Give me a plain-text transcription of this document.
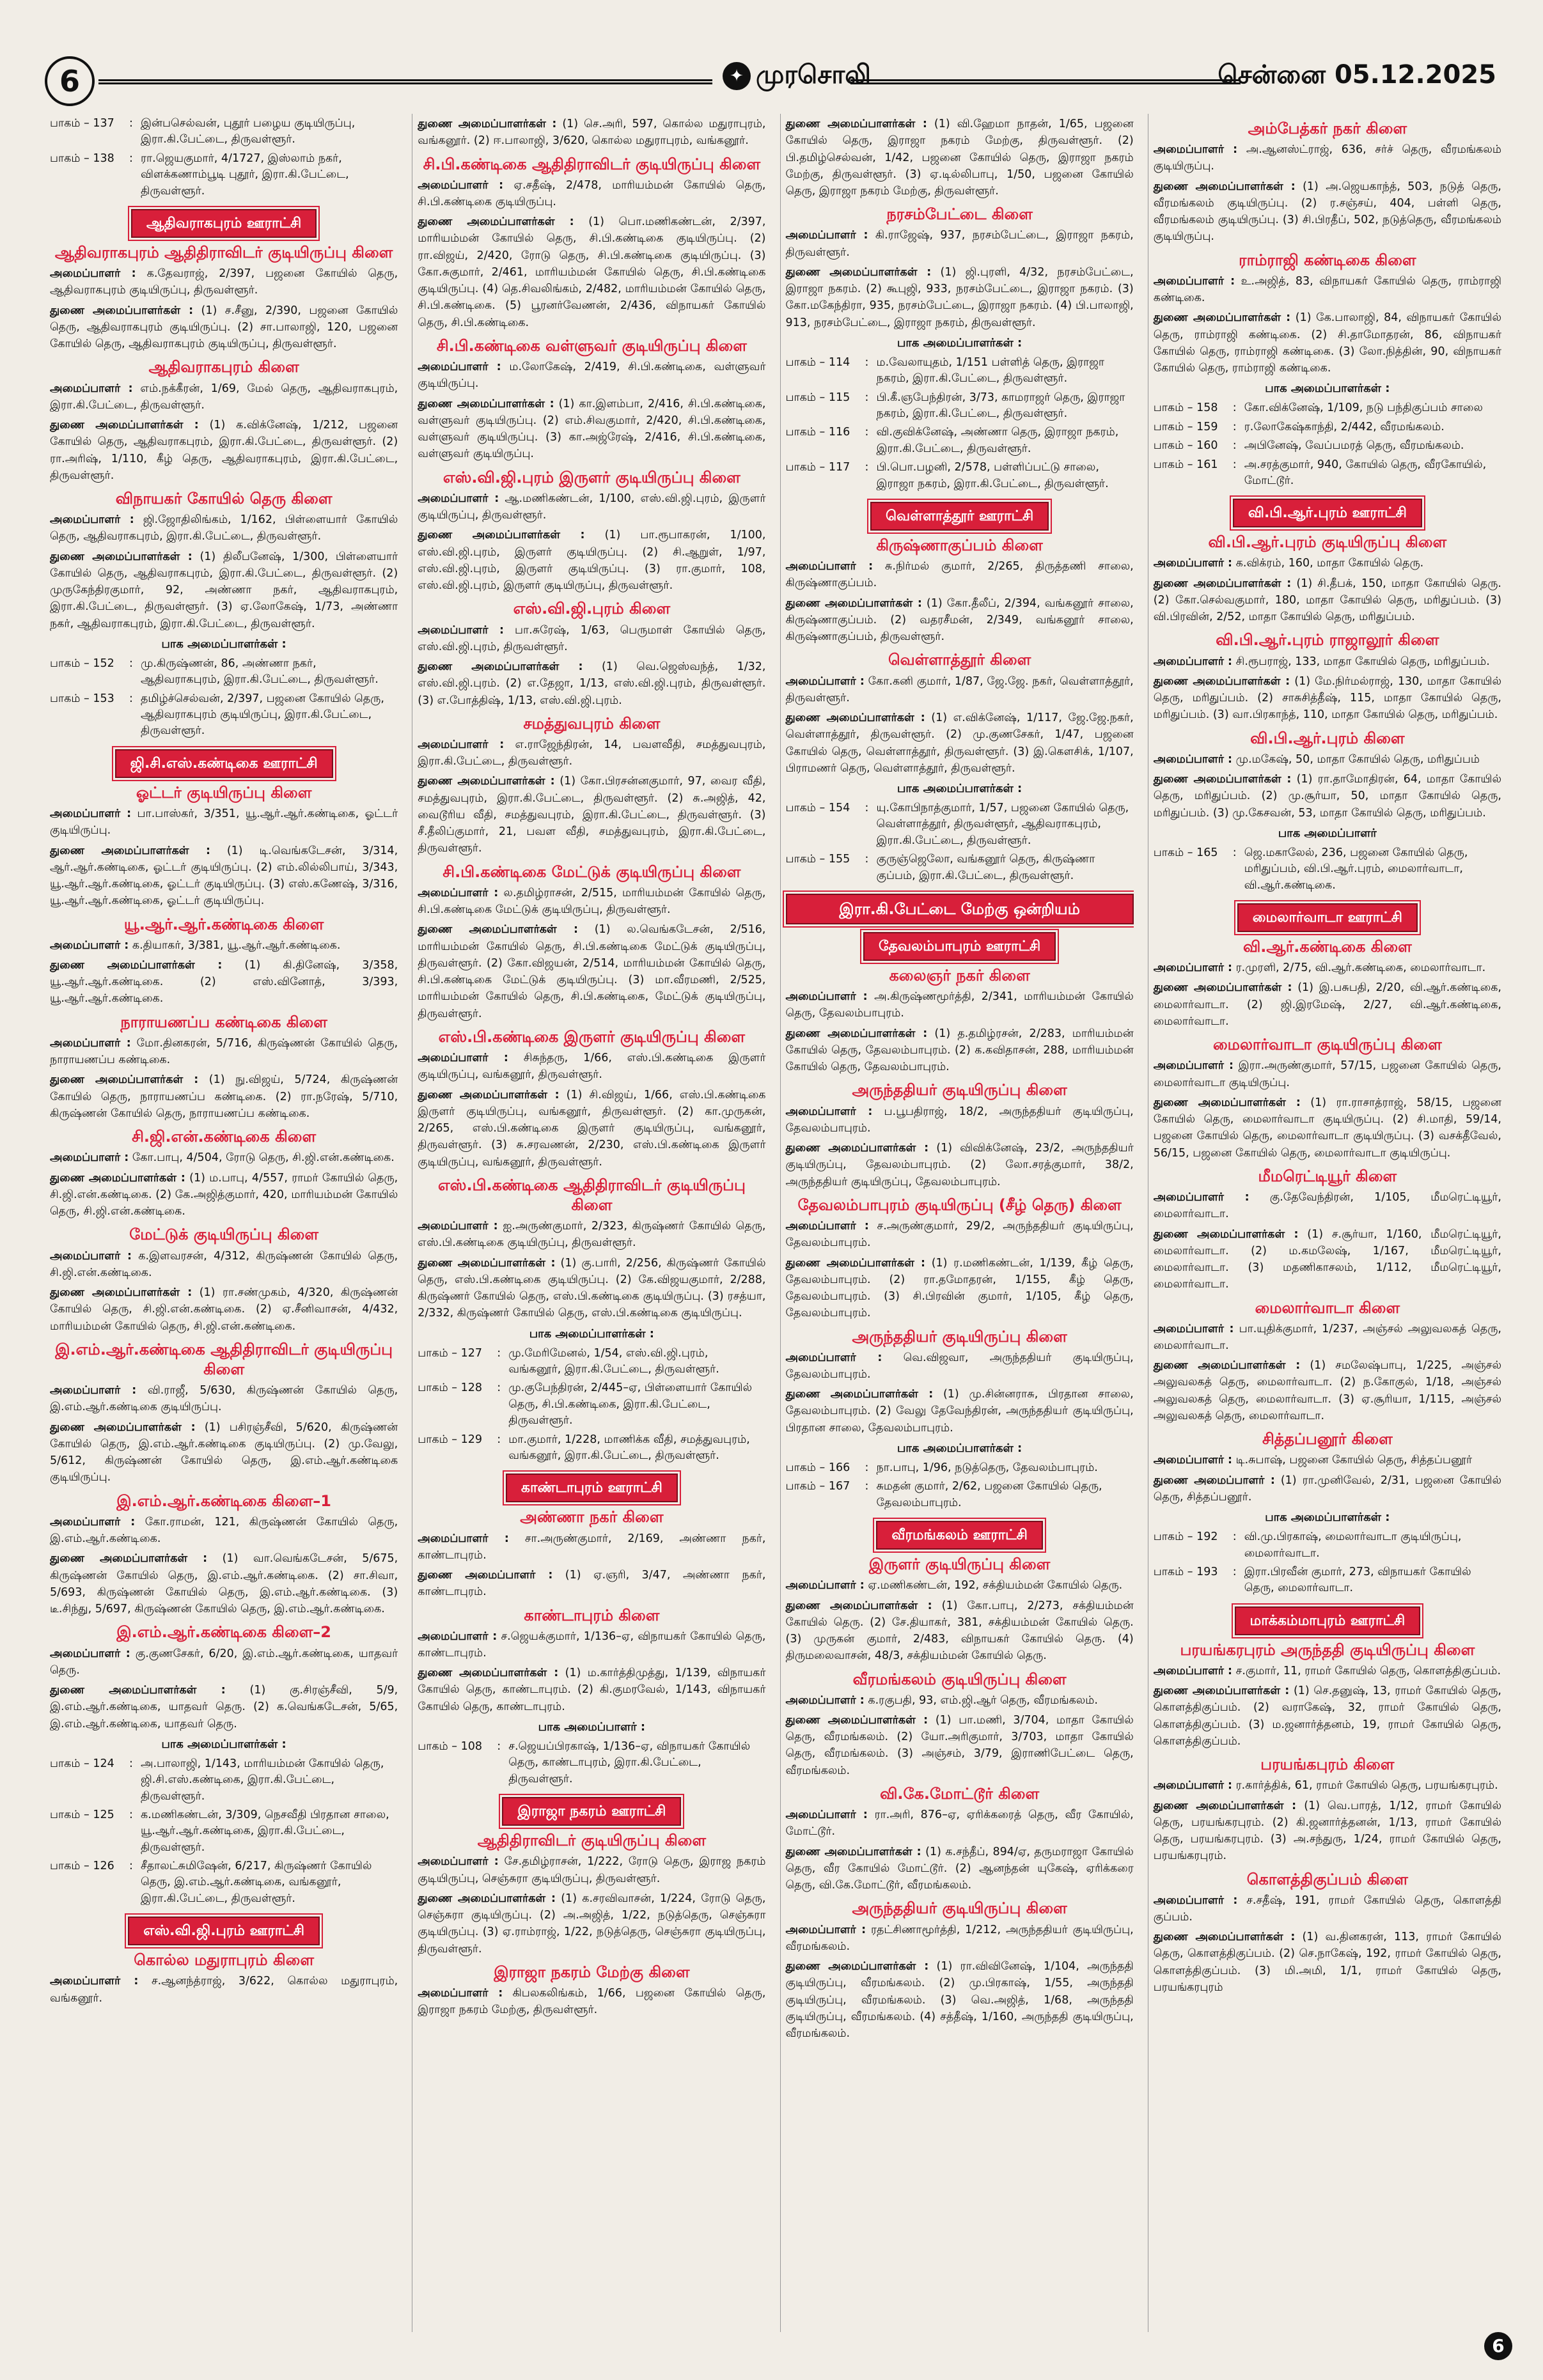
6	✦ முரசொலி	சென்னை 05.12.2025
பாகம் – 137	:	இன்பசெல்வன், புதூர் பழைய குடியிருப்பு, இரா.கி.பேட்டை, திருவள்ளூர்.
பாகம் – 138	:	ரா.ஜெயகுமார், 4/1727, இஸ்லாம் நகர், விளக்கணாம்பூடி புதூர், இரா.கி.பேட்டை, திருவள்ளூர்.
ஆதிவராகபுரம் ஊராட்சி
ஆதிவராகபுரம் ஆதிதிராவிடர் குடியிருப்பு கிளை

அமைப்பாளர் : க.தேவராஜ், 2/397, பஜனை கோயில் தெரு, ஆதிவராகபுரம் குடியிருப்பு, திருவள்ளூர்.

துணை அமைப்பாளர்கள் : (1) ச.சீனு, 2/390, பஜனை கோயில் தெரு, ஆதிவராகபுரம் குடியிருப்பு. (2) சா.பாலாஜி, 120, பஜனை கோயில் தெரு, ஆதிவராகபுரம் குடியிருப்பு, திருவள்ளூர்.

ஆதிவராகபுரம் கிளை

அமைப்பாளர் : எம்.நக்கீரன், 1/69, மேல் தெரு, ஆதிவராகபுரம், இரா.கி.பேட்டை, திருவள்ளூர்.

துணை அமைப்பாளர்கள் : (1) க.விக்னேஷ், 1/212, பஜனை கோயில் தெரு, ஆதிவராகபுரம், இரா.கி.பேட்டை, திருவள்ளூர். (2) ரா.அரிஷ், 1/110, கீழ் தெரு, ஆதிவராகபுரம், இரா.கி.பேட்டை, திருவள்ளூர்.

விநாயகர் கோயில் தெரு கிளை

அமைப்பாளர் : ஜி.ஜோதிலிங்கம், 1/162, பிள்ளையார் கோயில் தெரு, ஆதிவராகபுரம், இரா.கி.பேட்டை, திருவள்ளூர்.

துணை அமைப்பாளர்கள் : (1) திலீபனேஷ், 1/300, பிள்ளையார் கோயில் தெரு, ஆதிவராகபுரம், இரா.கி.பேட்டை, திருவள்ளூர். (2) முருகேந்திரகுமார், 92, அண்ணா நகர், ஆதிவராகபுரம், இரா.கி.பேட்டை, திருவள்ளூர். (3) ஏ.லோகேஷ், 1/73, அண்ணா நகர், ஆதிவராகபுரம், இரா.கி.பேட்டை, திருவள்ளூர்.

பாக அமைப்பாளர்கள் :
பாகம் – 152	:	மு.கிருஷ்ணன், 86, அண்ணா நகர், ஆதிவராகபுரம், இரா.கி.பேட்டை, திருவள்ளூர்.
பாகம் – 153	:	தமிழ்ச்செல்வன், 2/397, பஜனை கோயில் தெரு, ஆதிவராகபுரம் குடியிருப்பு, இரா.கி.பேட்டை, திருவள்ளூர்.
ஜி.சி.எஸ்.கண்டிகை ஊராட்சி
ஓட்டர் குடியிருப்பு கிளை

அமைப்பாளர் : பா.பாஸ்கர், 3/351, யூ.ஆர்.ஆர்.கண்டிகை, ஓட்டர் குடியிருப்பு.

துணை அமைப்பாளர்கள் : (1) டி.வெங்கடேசன், 3/314, ஆர்.ஆர்.கண்டிகை, ஓட்டர் குடியிருப்பு. (2) எம்.லில்லிபாய், 3/343, யூ.ஆர்.ஆர்.கண்டிகை, ஓட்டர் குடியிருப்பு. (3) எஸ்.கணேஷ், 3/316, யூ.ஆர்.ஆர்.கண்டிகை, ஓட்டர் குடியிருப்பு.

யூ.ஆர்.ஆர்.கண்டிகை கிளை

அமைப்பாளர் : க.தியாகர், 3/381, யூ.ஆர்.ஆர்.கண்டிகை.

துணை அமைப்பாளர்கள் : (1) கி.தினேஷ், 3/358, யூ.ஆர்.ஆர்.கண்டிகை. (2) எஸ்.வினோத், 3/393, யூ.ஆர்.ஆர்.கண்டிகை.

நாராயணப்ப கண்டிகை கிளை

அமைப்பாளர் : மோ.தினகரன், 5/716, கிருஷ்ணன் கோயில் தெரு, நாராயணப்ப கண்டிகை.

துணை அமைப்பாளர்கள் : (1) நு.விஜய், 5/724, கிருஷ்ணன் கோயில் தெரு, நாராயணப்ப கண்டிகை. (2) ரா.நரேஷ், 5/710, கிருஷ்ணன் கோயில் தெரு, நாராயணப்ப கண்டிகை.

சி.ஜி.என்.கண்டிகை கிளை

அமைப்பாளர் : கோ.பாபு, 4/504, ரோடு தெரு, சி.ஜி.என்.கண்டிகை.

துணை அமைப்பாளர்கள் : (1) ம.பாபு, 4/557, ராமர் கோயில் தெரு, சி.ஜி.என்.கண்டிகை. (2) கே.அஜித்குமார், 420, மாரியம்மன் கோயில் தெரு, சி.ஜி.என்.கண்டிகை.

மேட்டுக் குடியிருப்பு கிளை

அமைப்பாளர் : க.இளவரசன், 4/312, கிருஷ்ணன் கோயில் தெரு, சி.ஜி.என்.கண்டிகை.

துணை அமைப்பாளர்கள் : (1) ரா.சண்முகம், 4/320, கிருஷ்ணன் கோயில் தெரு, சி.ஜி.என்.கண்டிகை. (2) ஏ.சீனிவாசன், 4/432, மாரியம்மன் கோயில் தெரு, சி.ஜி.என்.கண்டிகை.

இ.எம்.ஆர்.கண்டிகை ஆதிதிராவிடர் குடியிருப்பு கிளை

அமைப்பாளர் : வி.ராஜீ, 5/630, கிருஷ்ணன் கோயில் தெரு, இ.எம்.ஆர்.கண்டிகை குடியிருப்பு.

துணை அமைப்பாளர்கள் : (1) பசிரஞ்சீவி, 5/620, கிருஷ்ணன் கோயில் தெரு, இ.எம்.ஆர்.கண்டிகை குடியிருப்பு. (2) மு.வேலு, 5/612, கிருஷ்ணன் கோயில் தெரு, இ.எம்.ஆர்.கண்டிகை குடியிருப்பு.

இ.எம்.ஆர்.கண்டிகை கிளை–1

அமைப்பாளர் : கோ.ராமன், 121, கிருஷ்ணன் கோயில் தெரு, இ.எம்.ஆர்.கண்டிகை.

துணை அமைப்பாளர்கள் : (1) வா.வெங்கடேசன், 5/675, கிருஷ்ணன் கோயில் தெரு, இ.எம்.ஆர்.கண்டிகை. (2) சா.சிவா, 5/693, கிருஷ்ணன் கோயில் தெரு, இ.எம்.ஆர்.கண்டிகை. (3) டீ.சிந்து, 5/697, கிருஷ்ணன் கோயில் தெரு, இ.எம்.ஆர்.கண்டிகை.

இ.எம்.ஆர்.கண்டிகை கிளை–2

அமைப்பாளர் : கு.குணசேகர், 6/20, இ.எம்.ஆர்.கண்டிகை, யாதவர் தெரு.

துணை அமைப்பாளர்கள் : (1) கு.சிரஞ்சீவி, 5/9, இ.எம்.ஆர்.கண்டிகை, யாதவர் தெரு. (2) க.வெங்கடேசன், 5/65, இ.எம்.ஆர்.கண்டிகை, யாதவர் தெரு.

பாக அமைப்பாளர்கள் :
பாகம் – 124	:	அ.பாலாஜி, 1/143, மாரியம்மன் கோயில் தெரு, ஜி.சி.எஸ்.கண்டிகை, இரா.கி.பேட்டை, திருவள்ளூர்.
பாகம் – 125	:	க.மணிகண்டன், 3/309, நெசவீதி பிரதான சாலை, யூ.ஆர்.ஆர்.கண்டிகை, இரா.கி.பேட்டை, திருவள்ளூர்.
பாகம் – 126	:	சீதாலட்சுமிஷேன், 6/217, கிருஷ்ணர் கோயில் தெரு, இ.எம்.ஆர்.கண்டிகை, வங்கனூர், இரா.கி.பேட்டை, திருவள்ளூர்.
எஸ்.வி.ஜி.புரம் ஊராட்சி
கொல்ல மதுராபுரம் கிளை

அமைப்பாளர் : ச.ஆனந்த்ராஜ், 3/622, கொல்ல மதுராபுரம், வங்கனூர்.

துணை அமைப்பாளர்கள் : (1) செ.அரி, 597, கொல்ல மதுராபுரம், வங்கனூர். (2) ஈ.பாலாஜி, 3/620, கொல்ல மதுராபுரம், வங்கனூர்.

சி.பி.கண்டிகை ஆதிதிராவிடர் குடியிருப்பு கிளை

அமைப்பாளர் : ஏ.சதீஷ், 2/478, மாரியம்மன் கோயில் தெரு, சி.பி.கண்டிகை குடியிருப்பு.

துணை அமைப்பாளர்கள் : (1) பொ.மணிகண்டன், 2/397, மாரியம்மன் கோயில் தெரு, சி.பி.கண்டிகை குடியிருப்பு. (2) ரா.விஜய், 2/420, ரோடு தெரு, சி.பி.கண்டிகை குடியிருப்பு. (3) கோ.சுகுமார், 2/461, மாரியம்மன் கோயில் தெரு, சி.பி.கண்டிகை குடியிருப்பு. (4) தெ.சிவலிங்கம், 2/482, மாரியம்மன் கோயில் தெரு, சி.பி.கண்டிகை. (5) பூரனர்வேணன், 2/436, விநாயகர் கோயில் தெரு, சி.பி.கண்டிகை.

சி.பி.கண்டிகை வள்ளுவர் குடியிருப்பு கிளை

அமைப்பாளர் : ம.லோகேஷ், 2/419, சி.பி.கண்டிகை, வள்ளுவர் குடியிருப்பு.

துணை அமைப்பாளர்கள் : (1) கா.இளம்பா, 2/416, சி.பி.கண்டிகை, வள்ளுவர் குடியிருப்பு. (2) எம்.சிவகுமார், 2/420, சி.பி.கண்டிகை, வள்ளுவர் குடியிருப்பு. (3) கா.அஜ்ரேஷ், 2/416, சி.பி.கண்டிகை, வள்ளுவர் குடியிருப்பு.

எஸ்.வி.ஜி.புரம் இருளர் குடியிருப்பு கிளை

அமைப்பாளர் : ஆ.மணிகண்டன், 1/100, எஸ்.வி.ஜி.புரம், இருளர் குடியிருப்பு, திருவள்ளூர்.

துணை அமைப்பாளர்கள் : (1) பா.ரூபாகரன், 1/100, எஸ்.வி.ஜி.புரம், இருளர் குடியிருப்பு. (2) சி.ஆறுள், 1/97, எஸ்.வி.ஜி.புரம், இருளர் குடியிருப்பு. (3) ரா.குமார், 108, எஸ்.வி.ஜி.புரம், இருளர் குடியிருப்பு, திருவள்ளூர்.

எஸ்.வி.ஜி.புரம் கிளை

அமைப்பாளர் : பா.சுரேஷ், 1/63, பெருமாள் கோயில் தெரு, எஸ்.வி.ஜி.புரம், திருவள்ளூர்.

துணை அமைப்பாளர்கள் : (1) வெ.ஜெஸ்வந்த், 1/32, எஸ்.வி.ஜி.புரம். (2) எ.தேஜா, 1/13, எஸ்.வி.ஜி.புரம், திருவள்ளூர். (3) எ.போத்திஷ், 1/13, எஸ்.வி.ஜி.புரம்.

சமத்துவபுரம் கிளை

அமைப்பாளர் : எ.ராஜேந்திரன், 14, பவளவீதி, சமத்துவபுரம், இரா.கி.பேட்டை, திருவள்ளூர்.

துணை அமைப்பாளர்கள் : (1) கோ.பிரசன்னகுமார், 97, வைர வீதி, சமத்துவபுரம், இரா.கி.பேட்டை, திருவள்ளூர். (2) சு.அஜித், 42, வைடூரிய வீதி, சமத்துவபுரம், இரா.கி.பேட்டை, திருவள்ளூர். (3) சீ.தீலிப்குமார், 21, பவள வீதி, சமத்துவபுரம், இரா.கி.பேட்டை, திருவள்ளூர்.

சி.பி.கண்டிகை மேட்டுக் குடியிருப்பு கிளை

அமைப்பாளர் : ல.தமிழ்ராசன், 2/515, மாரியம்மன் கோயில் தெரு, சி.பி.கண்டிகை மேட்டுக் குடியிருப்பு, திருவள்ளூர்.

துணை அமைப்பாளர்கள் : (1) ல.வெங்கடேசன், 2/516, மாரியம்மன் கோயில் தெரு, சி.பி.கண்டிகை மேட்டுக் குடியிருப்பு, திருவள்ளூர். (2) கோ.விஜயன், 2/514, மாரியம்மன் கோயில் தெரு, சி.பி.கண்டிகை மேட்டுக் குடியிருப்பு. (3) மா.வீரமணி, 2/525, மாரியம்மன் கோயில் தெரு, சி.பி.கண்டிகை, மேட்டுக் குடியிருப்பு, திருவள்ளூர்.

எஸ்.பி.கண்டிகை இருளர் குடியிருப்பு கிளை

அமைப்பாளர் : சிசுந்தரு, 1/66, எஸ்.பி.கண்டிகை இருளர் குடியிருப்பு, வங்கனூர், திருவள்ளூர்.

துணை அமைப்பாளர்கள் : (1) சி.விஜய், 1/66, எஸ்.பி.கண்டிகை இருளர் குடியிருப்பு, வங்கனூர், திருவள்ளூர். (2) கா.முருகன், 2/265, எஸ்.பி.கண்டிகை இருளர் குடியிருப்பு, வங்கனூர், திருவள்ளூர். (3) சு.சரவணன், 2/230, எஸ்.பி.கண்டிகை இருளர் குடியிருப்பு, வங்கனூர், திருவள்ளூர்.

எஸ்.பி.கண்டிகை ஆதிதிராவிடர் குடியிருப்பு கிளை

அமைப்பாளர் : ஐ.அருண்குமார், 2/323, கிருஷ்ணர் கோயில் தெரு, எஸ்.பி.கண்டிகை குடியிருப்பு, திருவள்ளூர்.

துணை அமைப்பாளர்கள் : (1) கு.பாரி, 2/256, கிருஷ்ணர் கோயில் தெரு, எஸ்.பி.கண்டிகை குடியிருப்பு. (2) கே.விஜயகுமார், 2/288, கிருஷ்ணர் கோயில் தெரு, எஸ்.பி.கண்டிகை குடியிருப்பு. (3) ரசத்யா, 2/332, கிருஷ்ணர் கோயில் தெரு, எஸ்.பி.கண்டிகை குடியிருப்பு.

பாக அமைப்பாளர்கள் :
பாகம் – 127	:	மு.மேரிமேனல், 1/54, எஸ்.வி.ஜி.புரம், வங்கனூர், இரா.கி.பேட்டை, திருவள்ளூர்.
பாகம் – 128	:	மு.குபேந்திரன், 2/445–ஏ, பிள்ளையார் கோயில் தெரு, சி.பி.கண்டிகை, இரா.கி.பேட்டை, திருவள்ளூர்.
பாகம் – 129	:	மா.குமார், 1/228, மாணிக்க வீதி, சமத்துவபுரம், வங்கனூர், இரா.கி.பேட்டை, திருவள்ளூர்.
காண்டாபுரம் ஊராட்சி
அண்ணா நகர் கிளை

அமைப்பாளர் : சா.அருண்குமார், 2/169, அண்ணா நகர், காண்டாபுரம்.

துணை அமைப்பாளர் : (1) ஏ.ஞரி, 3/47, அண்ணா நகர், காண்டாபுரம்.

காண்டாபுரம் கிளை

அமைப்பாளர் : ச.ஜெயக்குமார், 1/136–ஏ, விநாயகர் கோயில் தெரு, காண்டாபுரம்.

துணை அமைப்பாளர்கள் : (1) ம.கார்த்திமுத்து, 1/139, விநாயகர் கோயில் தெரு, காண்டாபுரம். (2) கி.குமரவேல், 1/143, விநாயகர் கோயில் தெரு, காண்டாபுரம்.

பாக அமைப்பாளர் :
பாகம் – 108	:	ச.ஜெயப்பிரகாஷ், 1/136–ஏ, விநாயகர் கோயில் தெரு, காண்டாபுரம், இரா.கி.பேட்டை, திருவள்ளூர்.
இராஜா நகரம் ஊராட்சி
ஆதிதிராவிடர் குடியிருப்பு கிளை

அமைப்பாளர் : சே.தமிழ்ராசன், 1/222, ரோடு தெரு, இராஜ நகரம் குடியிருப்பு, செஞ்சுரா குடியிருப்பு, திருவள்ளூர்.

துணை அமைப்பாளர்கள் : (1) க.சரவிவாசன், 1/224, ரோடு தெரு, செஞ்சுரா குடியிருப்பு. (2) அ.அஜித், 1/22, நடுத்தெரு, செஞ்சுரா குடியிருப்பு. (3) ஏ.ராம்ராஜ், 1/22, நடுத்தெரு, செஞ்சுரா குடியிருப்பு, திருவள்ளூர்.

இராஜா நகரம் மேற்கு கிளை

அமைப்பாளர் : கிபலகலிங்கம், 1/66, பஜனை கோயில் தெரு, இராஜா நகரம் மேற்கு, திருவள்ளூர்.

துணை அமைப்பாளர்கள் : (1) வி.ஹேமா நாதன், 1/65, பஜனை கோயில் தெரு, இராஜா நகரம் மேற்கு, திருவள்ளூர். (2) பி.தமிழ்செல்வன், 1/42, பஜனை கோயில் தெரு, இராஜா நகரம் மேற்கு, திருவள்ளூர். (3) ஏ.டில்லிபாபு, 1/50, பஜனை கோயில் தெரு, இராஜா நகரம் மேற்கு, திருவள்ளூர்.

நரசம்பேட்டை கிளை

அமைப்பாளர் : கி.ராஜேஷ், 937, நரசம்பேட்டை, இராஜா நகரம், திருவள்ளூர்.

துணை அமைப்பாளர்கள் : (1) ஜி.புரளி, 4/32, நரசம்பேட்டை, இராஜா நகரம். (2) கூபுஜி, 933, நரசம்பேட்டை, இராஜா நகரம். (3) கோ.மகேந்திரா, 935, நரசம்பேட்டை, இராஜா நகரம். (4) பி.பாலாஜி, 913, நரசம்பேட்டை, இராஜா நகரம், திருவள்ளூர்.

பாக அமைப்பாளர்கள் :
பாகம் – 114	:	ம.வேலாயுதம், 1/151 பள்ளித் தெரு, இராஜா நகரம், இரா.கி.பேட்டை, திருவள்ளூர்.
பாகம் – 115	:	பி.கீ.ஞபேந்திரன், 3/73, காமராஜர் தெரு, இராஜா நகரம், இரா.கி.பேட்டை, திருவள்ளூர்.
பாகம் – 116	:	வி.குவிக்னேஷ், அண்ணா தெரு, இராஜா நகரம், இரா.கி.பேட்டை, திருவள்ளூர்.
பாகம் – 117	:	பி.பொ.பழனி, 2/578, பள்ளிப்பட்டு சாலை, இராஜா நகரம், இரா.கி.பேட்டை, திருவள்ளூர்.
வெள்ளாத்தூர் ஊராட்சி
கிருஷ்ணாகுப்பம் கிளை

அமைப்பாளர் : சு.நிர்மல் குமார், 2/265, திருத்தணி சாலை, கிருஷ்ணாகுப்பம்.

துணை அமைப்பாளர்கள் : (1) கோ.தீலீப், 2/394, வங்கனூர் சாலை, கிருஷ்ணாகுப்பம். (2) வதரசீமன், 2/349, வங்கனூர் சாலை, கிருஷ்ணாகுப்பம், திருவள்ளூர்.

வெள்ளாத்தூர் கிளை

அமைப்பாளர் : கோ.கனி குமார், 1/87, ஜே.ஜே. நகர், வெள்ளாத்தூர், திருவள்ளூர்.

துணை அமைப்பாளர்கள் : (1) எ.விக்னேஷ், 1/117, ஜே.ஜே.நகர், வெள்ளாத்தூர், திருவள்ளூர். (2) மு.குணசேகர், 1/47, பஜனை கோயில் தெரு, வெள்ளாத்தூர், திருவள்ளூர். (3) இ.கௌசிக், 1/107, பிராமணர் தெரு, வெள்ளாத்தூர், திருவள்ளூர்.

பாக அமைப்பாளர்கள் :
பாகம் – 154	:	யு.கோபிநாத்குமார், 1/57, பஜனை கோயில் தெரு, வெள்ளாத்தூர், திருவள்ளூர், ஆதிவராகபுரம், இரா.கி.பேட்டை, திருவள்ளூர்.
பாகம் – 155	:	குருஞ்ஜெலோ, வங்கனூர் தெரு, கிருஷ்ணா குப்பம், இரா.கி.பேட்டை, திருவள்ளூர்.
இரா.கி.பேட்டை மேற்கு ஒன்றியம்
தேவலம்பாபுரம் ஊராட்சி
கலைஞர் நகர் கிளை

அமைப்பாளர் : அ.கிருஷ்ணமூர்த்தி, 2/341, மாரியம்மன் கோயில் தெரு, தேவலம்பாபுரம்.

துணை அமைப்பாளர்கள் : (1) த.தமிழ்ரசன், 2/283, மாரியம்மன் கோயில் தெரு, தேவலம்பாபுரம். (2) க.கவிதாசன், 288, மாரியம்மன் கோயில் தெரு, தேவலம்பாபுரம்.

அருந்ததியர் குடியிருப்பு கிளை

அமைப்பாளர் : ப.பூபதிராஜ், 18/2, அருந்ததியர் குடியிருப்பு, தேவலம்பாபுரம்.

துணை அமைப்பாளர்கள் : (1) விவிக்னேஷ், 23/2, அருந்ததியர் குடியிருப்பு, தேவலம்பாபுரம். (2) லோ.சரத்குமார், 38/2, அருந்ததியர் குடியிருப்பு, தேவலம்பாபுரம்.

தேவலம்பாபுரம் குடியிருப்பு (சீழ் தெரு) கிளை

அமைப்பாளர் : ச.அருண்குமார், 29/2, அருந்ததியர் குடியிருப்பு, தேவலம்பாபுரம்.

துணை அமைப்பாளர்கள் : (1) ர.மணிகண்டன், 1/139, கீழ் தெரு, தேவலம்பாபுரம். (2) ரா.தமோதரன், 1/155, கீழ் தெரு, தேவலம்பாபுரம். (3) சி.பிரவின் குமார், 1/105, கீழ் தெரு, தேவலம்பாபுரம்.

அருந்ததியர் குடியிருப்பு கிளை

அமைப்பாளர் : வெ.விஜவா, அருந்ததியர் குடியிருப்பு, தேவலம்பாபுரம்.

துணை அமைப்பாளர்கள் : (1) மு.சின்னராசு, பிரதான சாலை, தேவலம்பாபுரம். (2) வேலு தேவேந்திரன், அருந்ததியர் குடியிருப்பு, பிரதான சாலை, தேவலம்பாபுரம்.

பாக அமைப்பாளர்கள் :
பாகம் – 166	:	நா.பாபு, 1/96, நடுத்தெரு, தேவலம்பாபுரம்.
பாகம் – 167	:	சுமதன் குமார், 2/62, பஜனை கோயில் தெரு, தேவலம்பாபுரம்.
வீரமங்கலம் ஊராட்சி
இருளர் குடியிருப்பு கிளை

அமைப்பாளர் : ஏ.மணிகண்டன், 192, சக்தியம்மன் கோயில் தெரு.

துணை அமைப்பாளர்கள் : (1) கோ.பாபு, 2/273, சக்தியம்மன் கோயில் தெரு. (2) சே.தியாகர், 381, சக்தியம்மன் கோயில் தெரு. (3) முருகன் குமார், 2/483, விநாயகர் கோயில் தெரு. (4) திருமலைவாசன், 48/3, சக்தியம்மன் கோயில் தெரு.

வீரமங்கலம் குடியிருப்பு கிளை

அமைப்பாளர் : க.ரகுபதி, 93, எம்.ஜி.ஆர் தெரு, வீரமங்கலம்.

துணை அமைப்பாளர்கள் : (1) பா.மணி, 3/704, மாதா கோயில் தெரு, வீரமங்கலம். (2) யோ.அரிகுமார், 3/703, மாதா கோயில் தெரு, வீரமங்கலம். (3) அஞ்சம், 3/79, இராணிபேட்டை தெரு, வீரமங்கலம்.

வி.கே.மோட்டூர் கிளை

அமைப்பாளர் : ரா.அரி, 876–ஏ, ஏரிக்கரைத் தெரு, வீர கோயில், மோட்டூர்.

துணை அமைப்பாளர்கள் : (1) க.சந்தீப், 894/ஏ, தருமராஜா கோயில் தெரு, வீர கோயில் மோட்டூர். (2) ஆனந்தன் யுகேஷ், ஏரிக்கரை தெரு, வி.கே.மோட்டூர், வீரமங்கலம்.

அருந்ததியர் குடியிருப்பு கிளை

அமைப்பாளர் : ரதட்சிணாமூர்த்தி, 1/212, அருந்ததியர் குடியிருப்பு, வீரமங்கலம்.

துணை அமைப்பாளர்கள் : (1) ரா.விவினேஷ், 1/104, அருந்ததி குடியிருப்பு, வீரமங்கலம். (2) மு.பிரகாஷ், 1/55, அருந்ததி குடியிருப்பு, வீரமங்கலம். (3) வெ.அஜித், 1/68, அருந்ததி குடியிருப்பு, வீரமங்கலம். (4) சத்தீஷ், 1/160, அருந்ததி குடியிருப்பு, வீரமங்கலம்.

அம்பேத்கர் நகர் கிளை

அமைப்பாளர் : அ.ஆனஸ்ட்ராஜ், 636, சர்ச் தெரு, வீரமங்கலம் குடியிருப்பு.

துணை அமைப்பாளர்கள் : (1) அ.ஜெயகாந்த், 503, நடுத் தெரு, வீரமங்கலம் குடியிருப்பு. (2) ர.சஞ்சய், 404, பள்ளி தெரு, வீரமங்கலம் குடியிருப்பு. (3) சி.பிரதீப், 502, நடுத்தெரு, வீரமங்கலம் குடியிருப்பு.

ராம்ராஜி கண்டிகை கிளை

அமைப்பாளர் : உ.அஜித், 83, விநாயகர் கோயில் தெரு, ராம்ராஜி கண்டிகை.

துணை அமைப்பாளர்கள் : (1) கே.பாலாஜி, 84, விநாயகர் கோயில் தெரு, ராம்ராஜி கண்டிகை. (2) சி.தாமோதரன், 86, விநாயகர் கோயில் தெரு, ராம்ராஜி கண்டிகை. (3) லோ.நித்தின், 90, விநாயகர் கோயில் தெரு, ராம்ராஜி கண்டிகை.

பாக அமைப்பாளர்கள் :
பாகம் – 158	:	கோ.விக்னேஷ், 1/109, நடு பந்திகுப்பம் சாலை
பாகம் – 159	:	ர.லோகேஷ்காந்தி, 2/442, வீரமங்கலம்.
பாகம் – 160	:	அபினேஷ், வேப்பமரத் தெரு, வீரமங்கலம்.
பாகம் – 161	:	அ.சரத்குமார், 940, கோயில் தெரு, வீரகோயில், மோட்டூர்.
வி.பி.ஆர்.புரம் ஊராட்சி
வி.பி.ஆர்.புரம் குடியிருப்பு கிளை

அமைப்பாளர் : க.விக்ரம், 160, மாதா கோயில் தெரு.

துணை அமைப்பாளர்கள் : (1) சி.தீபக், 150, மாதா கோயில் தெரு. (2) கோ.செல்வகுமார், 180, மாதா கோயில் தெரு, மரிதுப்பம். (3) வி.பிரவின், 2/52, மாதா கோயில் தெரு, மரிதுப்பம்.

வி.பி.ஆர்.புரம் ராஜாலூர் கிளை

அமைப்பாளர் : சி.ரூபராஜ், 133, மாதா கோயில் தெரு, மரிதுப்பம்.

துணை அமைப்பாளர்கள் : (1) மே.நிர்மல்ராஜ், 130, மாதா கோயில் தெரு, மரிதுப்பம். (2) சாசுசித்தீஷ், 115, மாதா கோயில் தெரு, மரிதுப்பம். (3) வா.பிரகாந்த், 110, மாதா கோயில் தெரு, மரிதுப்பம்.

வி.பி.ஆர்.புரம் கிளை

அமைப்பாளர் : மு.மகேஷ், 50, மாதா கோயில் தெரு, மரிதுப்பம்

துணை அமைப்பாளர்கள் : (1) ரா.தாமோதிரன், 64, மாதா கோயில் தெரு, மரிதுப்பம். (2) மு.சூர்யா, 50, மாதா கோயில் தெரு, மரிதுப்பம். (3) மு.கேசவன், 53, மாதா கோயில் தெரு, மரிதுப்பம்.

பாக அமைப்பாளர்
பாகம் – 165	:	ஜெ.மகாலேல், 236, பஜனை கோயில் தெரு, மரிதுப்பம், வி.பி.ஆர்.புரம், மைலார்வாடா, வி.ஆர்.கண்டிகை.
மைலார்வாடா ஊராட்சி
வி.ஆர்.கண்டிகை கிளை

அமைப்பாளர் : ர.முரளி, 2/75, வி.ஆர்.கண்டிகை, மைலார்வாடா.

துணை அமைப்பாளர்கள் : (1) இ.பசுபதி, 2/20, வி.ஆர்.கண்டிகை, மைலார்வாடா. (2) ஜி.இரமேஷ், 2/27, வி.ஆர்.கண்டிகை, மைலார்வாடா.

மைலார்வாடா குடியிருப்பு கிளை

அமைப்பாளர் : இரா.அருண்குமார், 57/15, பஜனை கோயில் தெரு, மைலார்வாடா குடியிருப்பு.

துணை அமைப்பாளர்கள் : (1) ரா.ராசாத்ராஜ், 58/15, பஜனை கோயில் தெரு, மைலார்வாடா குடியிருப்பு. (2) சி.மாதி, 59/14, பஜனை கோயில் தெரு, மைலார்வாடா குடியிருப்பு. (3) வசக்தீவேல், 56/15, பஜனை கோயில் தெரு, மைலார்வாடா குடியிருப்பு.

மீமரெட்டியூர் கிளை

அமைப்பாளர் : கு.தேவேந்திரன், 1/105, மீமரெட்டியூர், மைலார்வாடா.

துணை அமைப்பாளர்கள் : (1) ச.சூர்யா, 1/160, மீமரெட்டியூர், மைலார்வாடா. (2) ம.கமலேஷ், 1/167, மீமரெட்டியூர், மைலார்வாடா. (3) மதணிகாசலம், 1/112, மீமரெட்டியூர், மைலார்வாடா.

மைலார்வாடா கிளை

அமைப்பாளர் : பா.யுதிக்குமார், 1/237, அஞ்சல் அலுவலகத் தெரு, மைலார்வாடா.

துணை அமைப்பாளர்கள் : (1) சமலேஷ்பாபு, 1/225, அஞ்சல் அலுவலகத் தெரு, மைலார்வாடா. (2) ந.கோகுல், 1/18, அஞ்சல் அலுவலகத் தெரு, மைலார்வாடா. (3) ஏ.சூரியா, 1/115, அஞ்சல் அலுவலகத் தெரு, மைலார்வாடா.

சித்தப்பனூர் கிளை

அமைப்பாளர் : டி.சுபாஷ், பஜனை கோயில் தெரு, சித்தப்பனூர்

துணை அமைப்பாளர் : (1) ரா.முனிவேல், 2/31, பஜனை கோயில் தெரு, சித்தப்பனூர்.

பாக அமைப்பாளர்கள் :
பாகம் – 192	:	வி.மு.பிரகாஷ், மைலார்வாடா குடியிருப்பு, மைலார்வாடா.
பாகம் – 193	:	இரா.பிரவீன் குமார், 273, விநாயகர் கோயில் தெரு, மைலார்வாடா.
மாக்கம்மாபுரம் ஊராட்சி
பரயங்கரபுரம் அருந்ததி குடியிருப்பு கிளை

அமைப்பாளர் : ச.குமார், 11, ராமர் கோயில் தெரு, கொளத்திகுப்பம்.

துணை அமைப்பாளர்கள் : (1) செ.தனுஷ், 13, ராமர் கோயில் தெரு, கொளத்திகுப்பம். (2) வராகேஷ், 32, ராமர் கோயில் தெரு, கொளத்திகுப்பம். (3) ம.ஜனார்த்தனம், 19, ராமர் கோயில் தெரு, கொளத்திகுப்பம்.

பரயங்கபுரம் கிளை

அமைப்பாளர் : ர.கார்த்திக், 61, ராமர் கோயில் தெரு, பரயங்கரபுரம்.

துணை அமைப்பாளர்கள் : (1) வெ.பாரத், 1/12, ராமர் கோயில் தெரு, பரயங்கரபுரம். (2) கி.ஜனார்த்தனன், 1/13, ராமர் கோயில் தெரு, பரயங்கரபுரம். (3) அ.சந்துரு, 1/24, ராமர் கோயில் தெரு, பரயங்கரபுரம்.

கொளத்திகுப்பம் கிளை

அமைப்பாளர் : ச.சதீஷ், 191, ராமர் கோயில் தெரு, கொளத்தி குப்பம்.

துணை அமைப்பாளர்கள் : (1) வ.தினகரன், 113, ராமர் கோயில் தெரு, கொளத்திகுப்பம். (2) செ.நாகேஷ், 192, ராமர் கோயில் தெரு, கொளத்திகுப்பம். (3) மி.அமி, 1/1, ராமர் கோயில் தெரு, பரயங்கரபுரம்

6
